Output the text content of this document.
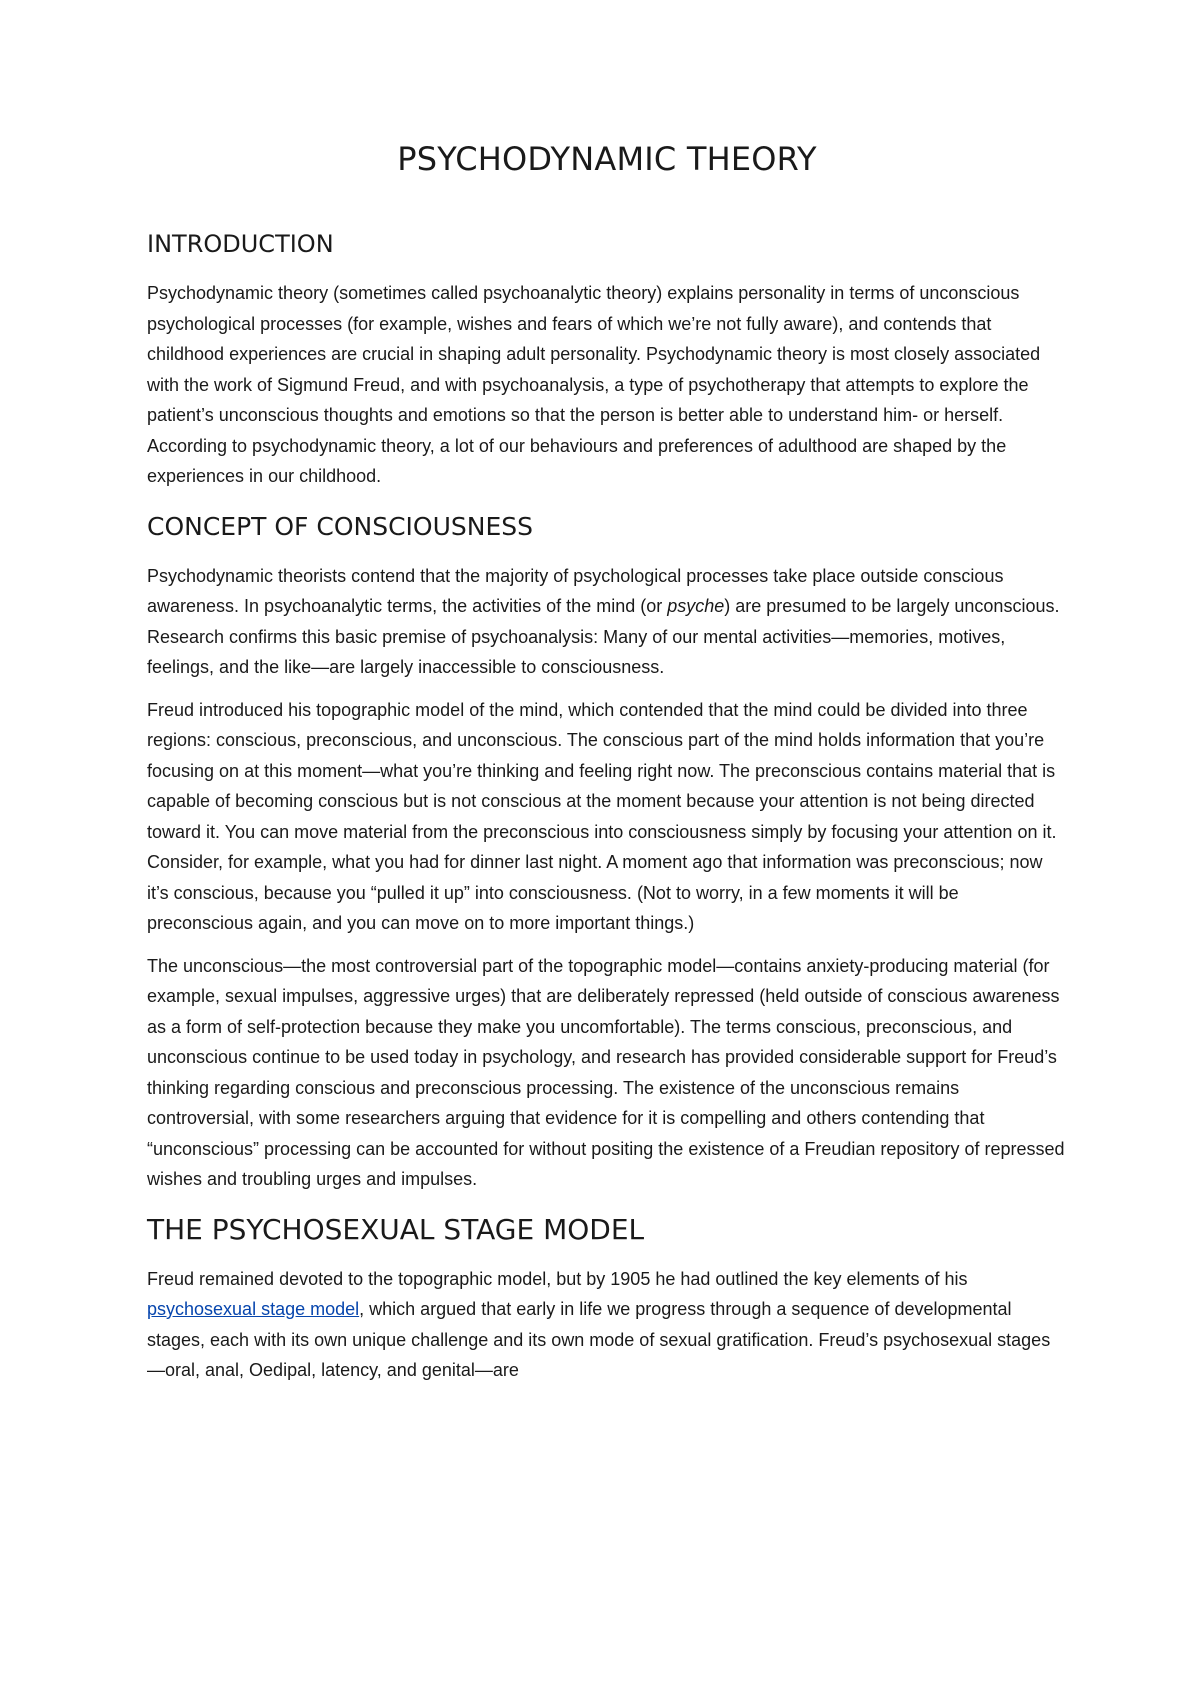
PSYCHODYNAMIC THEORY
INTRODUCTION

Psychodynamic theory (sometimes called psychoanalytic theory) explains personality in terms of unconscious psychological processes (for example, wishes and fears of which we’re not fully aware), and contends that childhood experiences are crucial in shaping adult personality. Psychodynamic theory is most closely associated with the work of Sigmund Freud, and with psychoanalysis, a type of psychotherapy that attempts to explore the patient’s unconscious thoughts and emotions so that the person is better able to understand him- or herself. According to psychodynamic theory, a lot of our behaviours and preferences of adulthood are shaped by the experiences in our childhood.

CONCEPT OF CONSCIOUSNESS

Psychodynamic theorists contend that the majority of psychological processes take place outside conscious awareness. In psychoanalytic terms, the activities of the mind (or psyche) are presumed to be largely unconscious. Research confirms this basic premise of psychoanalysis: Many of our mental activities—memories, motives, feelings, and the like—are largely inaccessible to consciousness.

Freud introduced his topographic model of the mind, which contended that the mind could be divided into three regions: conscious, preconscious, and unconscious. The conscious part of the mind holds information that you’re focusing on at this moment—what you’re thinking and feeling right now. The preconscious contains material that is capable of becoming conscious but is not conscious at the moment because your attention is not being directed toward it. You can move material from the preconscious into consciousness simply by focusing your attention on it. Consider, for example, what you had for dinner last night. A moment ago that information was preconscious; now it’s conscious, because you “pulled it up” into consciousness. (Not to worry, in a few moments it will be preconscious again, and you can move on to more important things.)

The unconscious—the most controversial part of the topographic model—contains anxiety-producing material (for example, sexual impulses, aggressive urges) that are deliberately repressed (held outside of conscious awareness as a form of self-protection because they make you uncomfortable). The terms conscious, preconscious, and unconscious continue to be used today in psychology, and research has provided considerable support for Freud’s thinking regarding conscious and preconscious processing. The existence of the unconscious remains controversial, with some researchers arguing that evidence for it is compelling and others contending that “unconscious” processing can be accounted for without positing the existence of a Freudian repository of repressed wishes and troubling urges and impulses.

THE PSYCHOSEXUAL STAGE MODEL

Freud remained devoted to the topographic model, but by 1905 he had outlined the key elements of his psychosexual stage model, which argued that early in life we progress through a sequence of developmental stages, each with its own unique challenge and its own mode of sexual gratification. Freud’s psychosexual stages—oral, anal, Oedipal, latency, and genital—are
